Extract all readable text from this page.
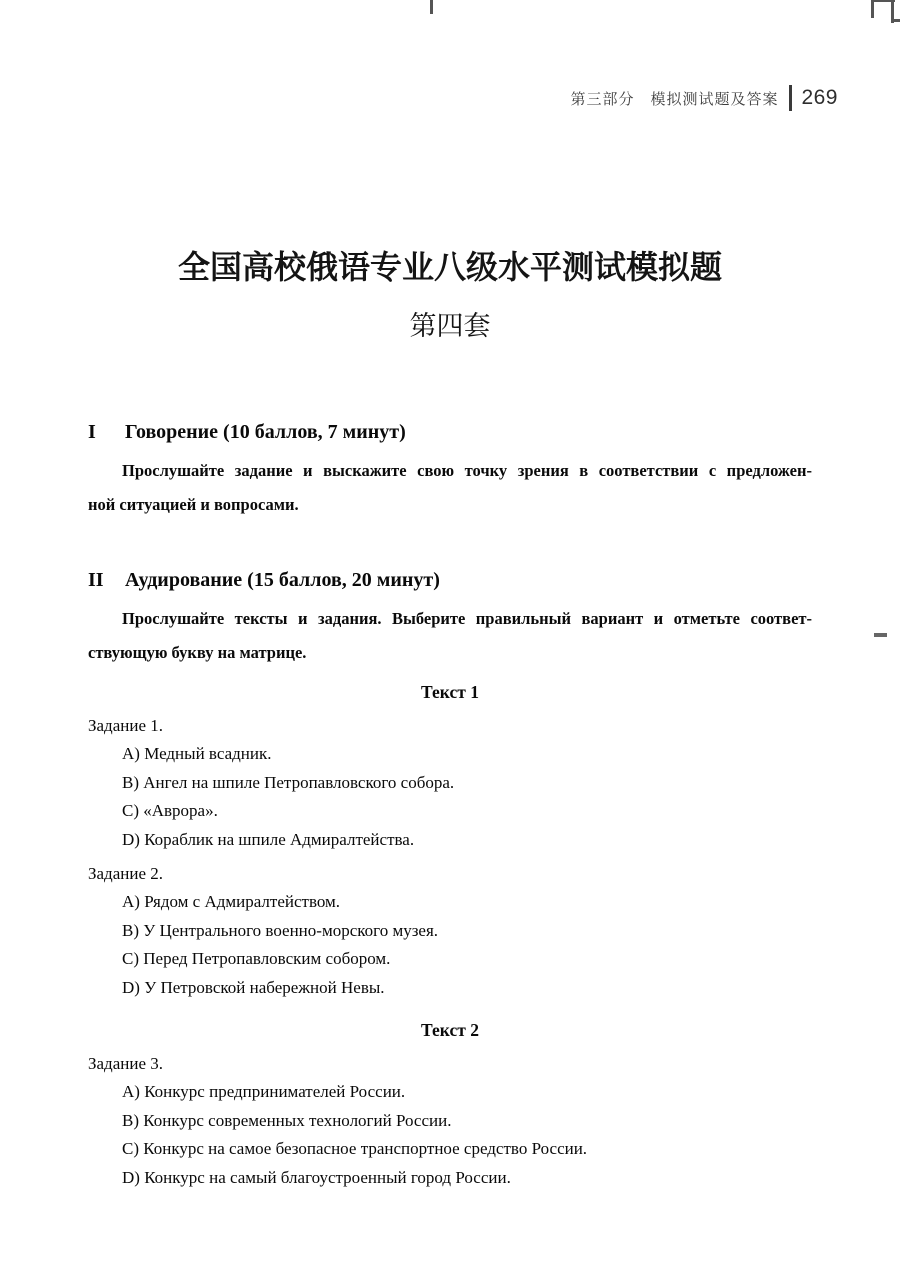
第三部分　模拟测试题及答案 269
全国高校俄语专业八级水平测试模拟题
第四套
I Говорение (10 баллов, 7 минут)
Прослушайте задание и выскажите свою точку зрения в соответствии с предложен-
ной ситуацией и вопросами.
II Аудирование (15 баллов, 20 минут)
Прослушайте тексты и задания. Выберите правильный вариант и отметьте соответ-
ствующую букву на матрице.
Текст 1
Задание 1.
A) Медный всадник.
B) Ангел на шпиле Петропавловского собора.
C) «Аврора».
D) Кораблик на шпиле Адмиралтейства.
Задание 2.
A) Рядом с Адмиралтейством.
B) У Центрального военно-морского музея.
C) Перед Петропавловским собором.
D) У Петровской набережной Невы.
Текст 2
Задание 3.
A) Конкурс предпринимателей России.
B) Конкурс современных технологий России.
C) Конкурс на самое безопасное транспортное средство России.
D) Конкурс на самый благоустроенный город России.
